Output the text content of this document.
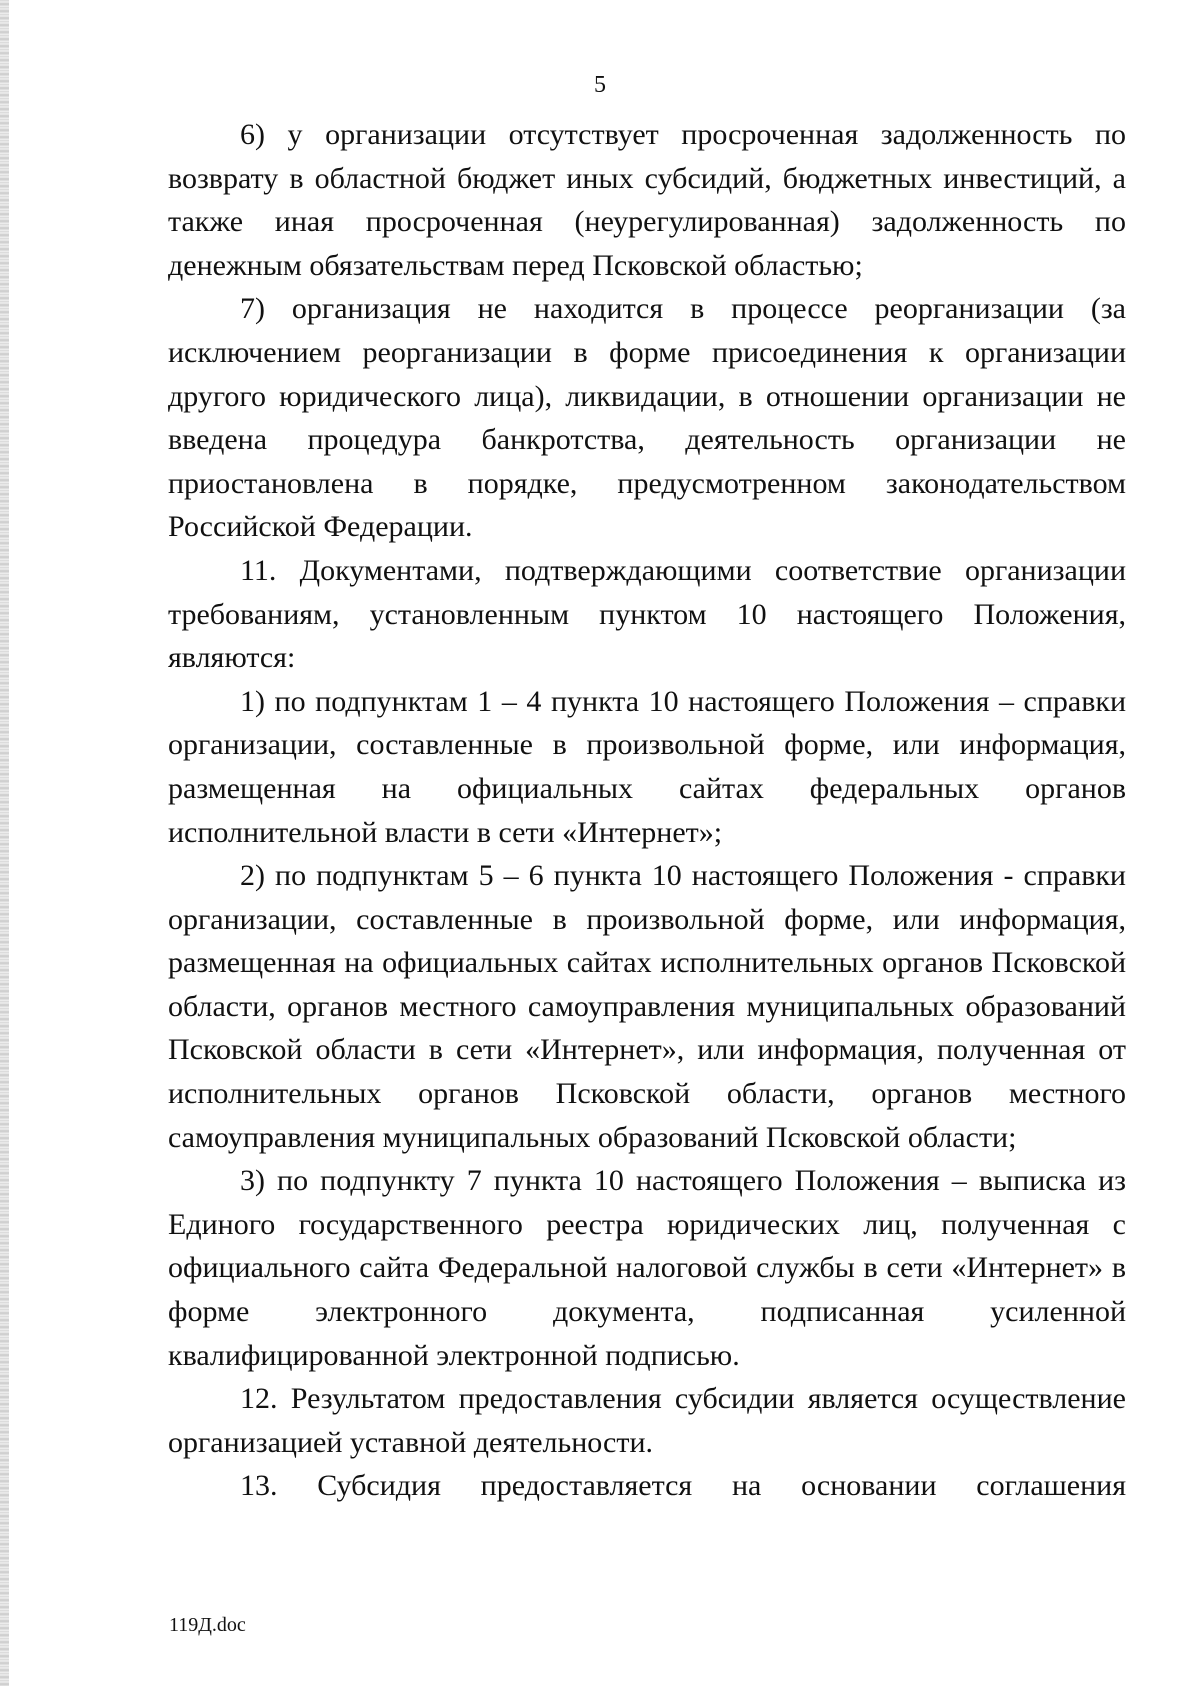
5

6) у организации отсутствует просроченная задолженность по возврату в областной бюджет иных субсидий, бюджетных инвестиций, а также иная просроченная (неурегулированная) задолженность по денежным обязательствам перед Псковской областью;

7) организация не находится в процессе реорганизации (за исключением реорганизации в форме присоединения к организации другого юридического лица), ликвидации, в отношении организации не введена процедура банкротства, деятельность организации не приостановлена в порядке, предусмотренном законодательством Российской Федерации.

11. Документами, подтверждающими соответствие организации требованиям, установленным пунктом 10 настоящего Положения, являются:

1) по подпунктам 1 – 4 пункта 10 настоящего Положения – справки организации, составленные в произвольной форме, или информация, размещенная на официальных сайтах федеральных органов исполнительной власти в сети «Интернет»;

2) по подпунктам 5 – 6 пункта 10 настоящего Положения - справки организации, составленные в произвольной форме, или информация, размещенная на официальных сайтах исполнительных органов Псковской области, органов местного самоуправления муниципальных образований Псковской области в сети «Интернет», или информация, полученная от исполнительных органов Псковской области, органов местного самоуправления муниципальных образований Псковской области;

3) по подпункту 7 пункта 10 настоящего Положения – выписка из Единого государственного реестра юридических лиц, полученная с официального сайта Федеральной налоговой службы в сети «Интернет» в форме электронного документа, подписанная усиленной квалифицированной электронной подписью.

12. Результатом предоставления субсидии является осуществление организацией уставной деятельности.

13. Субсидия предоставляется на основании соглашения

119Д.doc
